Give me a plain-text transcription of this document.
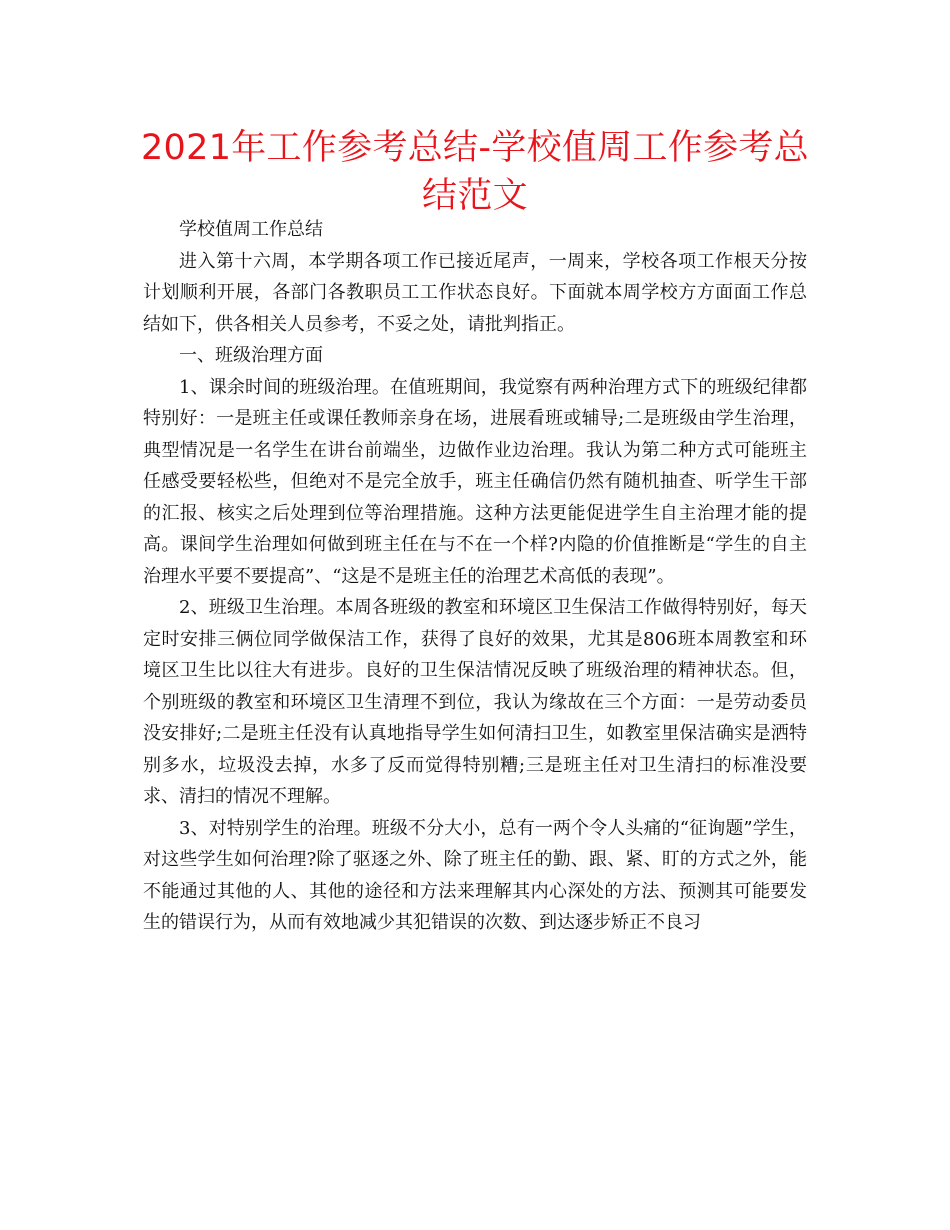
2021年工作参考总结-学校值周工作参考总结范文

学校值周工作总结

进入第十六周，本学期各项工作已接近尾声，一周来，学校各项工作根天分按计划顺利开展，各部门各教职员工工作状态良好。下面就本周学校方方面面工作总结如下，供各相关人员参考，不妥之处，请批判指正。

一、班级治理方面

1、课余时间的班级治理。在值班期间，我觉察有两种治理方式下的班级纪律都特别好：一是班主任或课任教师亲身在场，进展看班或辅导;二是班级由学生治理，典型情况是一名学生在讲台前端坐，边做作业边治理。我认为第二种方式可能班主任感受要轻松些，但绝对不是完全放手，班主任确信仍然有随机抽查、听学生干部的汇报、核实之后处理到位等治理措施。这种方法更能促进学生自主治理才能的提高。课间学生治理如何做到班主任在与不在一个样?内隐的价值推断是“学生的自主治理水平要不要提高”、“这是不是班主任的治理艺术高低的表现”。

2、班级卫生治理。本周各班级的教室和环境区卫生保洁工作做得特别好，每天定时安排三俩位同学做保洁工作，获得了良好的效果，尤其是806班本周教室和环境区卫生比以往大有进步。良好的卫生保洁情况反映了班级治理的精神状态。但，个别班级的教室和环境区卫生清理不到位，我认为缘故在三个方面：一是劳动委员没安排好;二是班主任没有认真地指导学生如何清扫卫生，如教室里保洁确实是洒特别多水，垃圾没去掉，水多了反而觉得特别糟;三是班主任对卫生清扫的标准没要求、清扫的情况不理解。

3、对特别学生的治理。班级不分大小，总有一两个令人头痛的“征询题”学生，对这些学生如何治理?除了驱逐之外、除了班主任的勤、跟、紧、盯的方式之外，能不能通过其他的人、其他的途径和方法来理解其内心深处的方法、预测其可能要发生的错误行为，从而有效地减少其犯错误的次数、到达逐步矫正不良习
